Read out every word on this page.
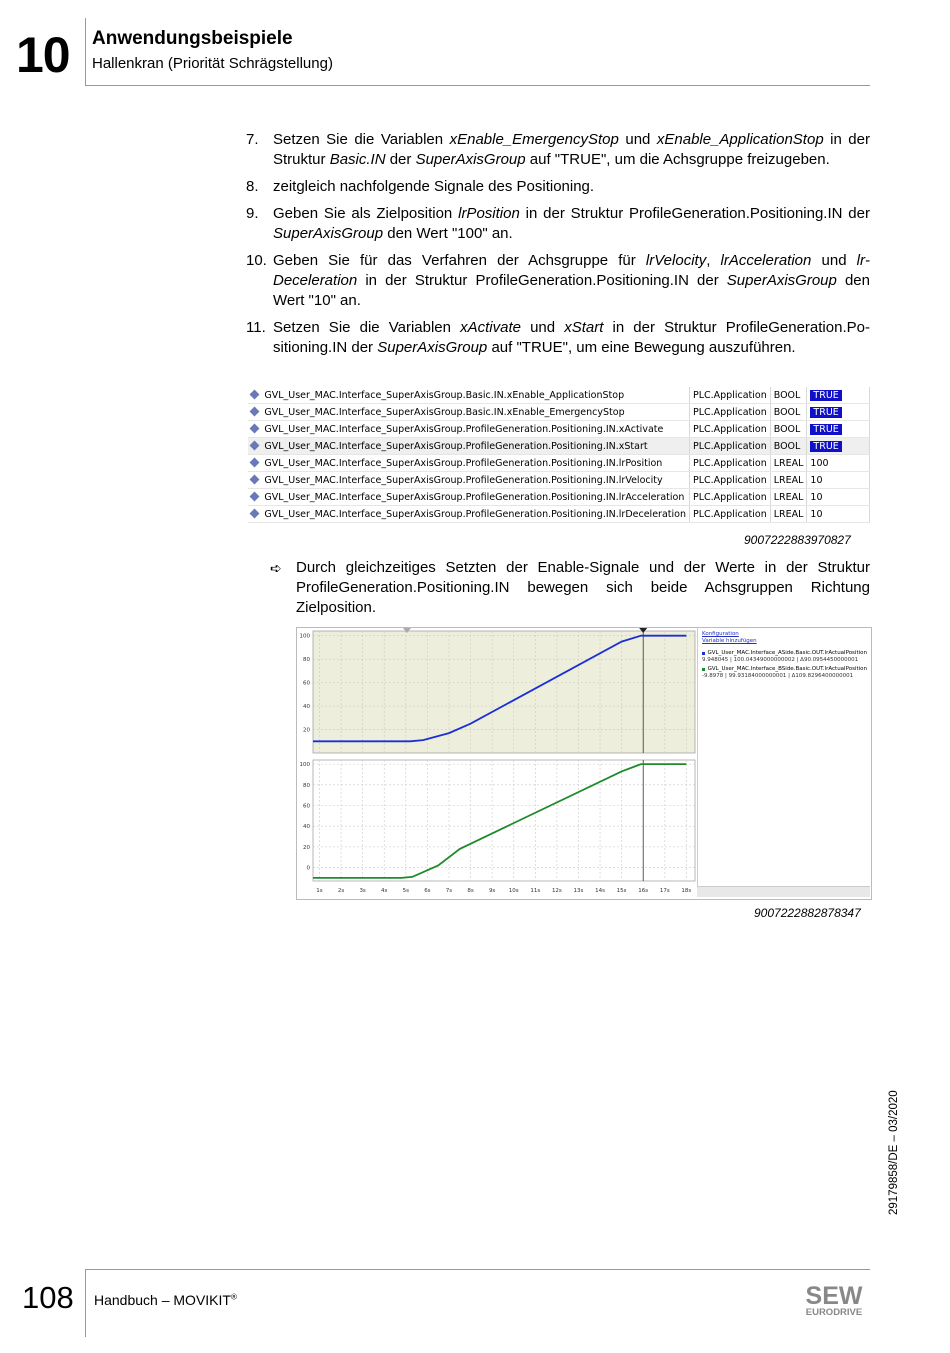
10 Anwendungsbeispiele
Hallenkran (Priorität Schrägstellung)
7. Setzen Sie die Variablen xEnable_EmergencyStop und xEnable_ApplicationStop in der Struktur Basic.IN der SuperAxisGroup auf "TRUE", um die Achsgruppe freizugeben.
8. zeitgleich nachfolgende Signale des Positioning.
9. Geben Sie als Zielposition lrPosition in der Struktur ProfileGeneration.Positioning.IN der SuperAxisGroup den Wert "100" an.
10. Geben Sie für das Verfahren der Achsgruppe für lrVelocity, lrAcceleration und lrDeceleration in der Struktur ProfileGeneration.Positioning.IN der SuperAxisGroup den Wert "10" an.
11. Setzen Sie die Variablen xActivate und xStart in der Struktur ProfileGeneration.Positioning.IN der SuperAxisGroup auf "TRUE", um eine Bewegung auszuführen.
	GVL_User_MAC.Interface_SuperAxisGroup.Basic.IN.xEnable_ApplicationStop	PLC.Application	BOOL	TRUE
	GVL_User_MAC.Interface_SuperAxisGroup.Basic.IN.xEnable_EmergencyStop	PLC.Application	BOOL	TRUE
	GVL_User_MAC.Interface_SuperAxisGroup.ProfileGeneration.Positioning.IN.xActivate	PLC.Application	BOOL	TRUE
	GVL_User_MAC.Interface_SuperAxisGroup.ProfileGeneration.Positioning.IN.xStart	PLC.Application	BOOL	TRUE
	GVL_User_MAC.Interface_SuperAxisGroup.ProfileGeneration.Positioning.IN.lrPosition	PLC.Application	LREAL	100
	GVL_User_MAC.Interface_SuperAxisGroup.ProfileGeneration.Positioning.IN.lrVelocity	PLC.Application	LREAL	10
	GVL_User_MAC.Interface_SuperAxisGroup.ProfileGeneration.Positioning.IN.lrAcceleration	PLC.Application	LREAL	10
	GVL_User_MAC.Interface_SuperAxisGroup.ProfileGeneration.Positioning.IN.lrDeceleration	PLC.Application	LREAL	10
9007222883970827
➪ Durch gleichzeitiges Setzten der Enable-Signale und der Werte in der Struktur ProfileGeneration.Positioning.IN bewegen sich beide Achsgruppen Richtung Zielposition.
100
80
60
40
20
100
80
60
40
20
0
1s	2s	3s	4s	5s	6s	7s	8s	9s 10s 11s 12s 13s 14s 15s 16s 17s 18s
Konfiguration
Variable hinzufügen
GVL_User_MAC.Interface_ASide.Basic.OUT.lrActualPosition
9.948045 | 100.04349000000002 | Δ90.0954450000001
GVL_User_MAC.Interface_BSide.Basic.OUT.lrActualPosition
-9.8978 | 99.93184000000001 | Δ109.8296400000001
9007222882878347
29179858/DE – 03/2020
108 Handbuch – MOVIKIT®	SEW
EURODRIVE
